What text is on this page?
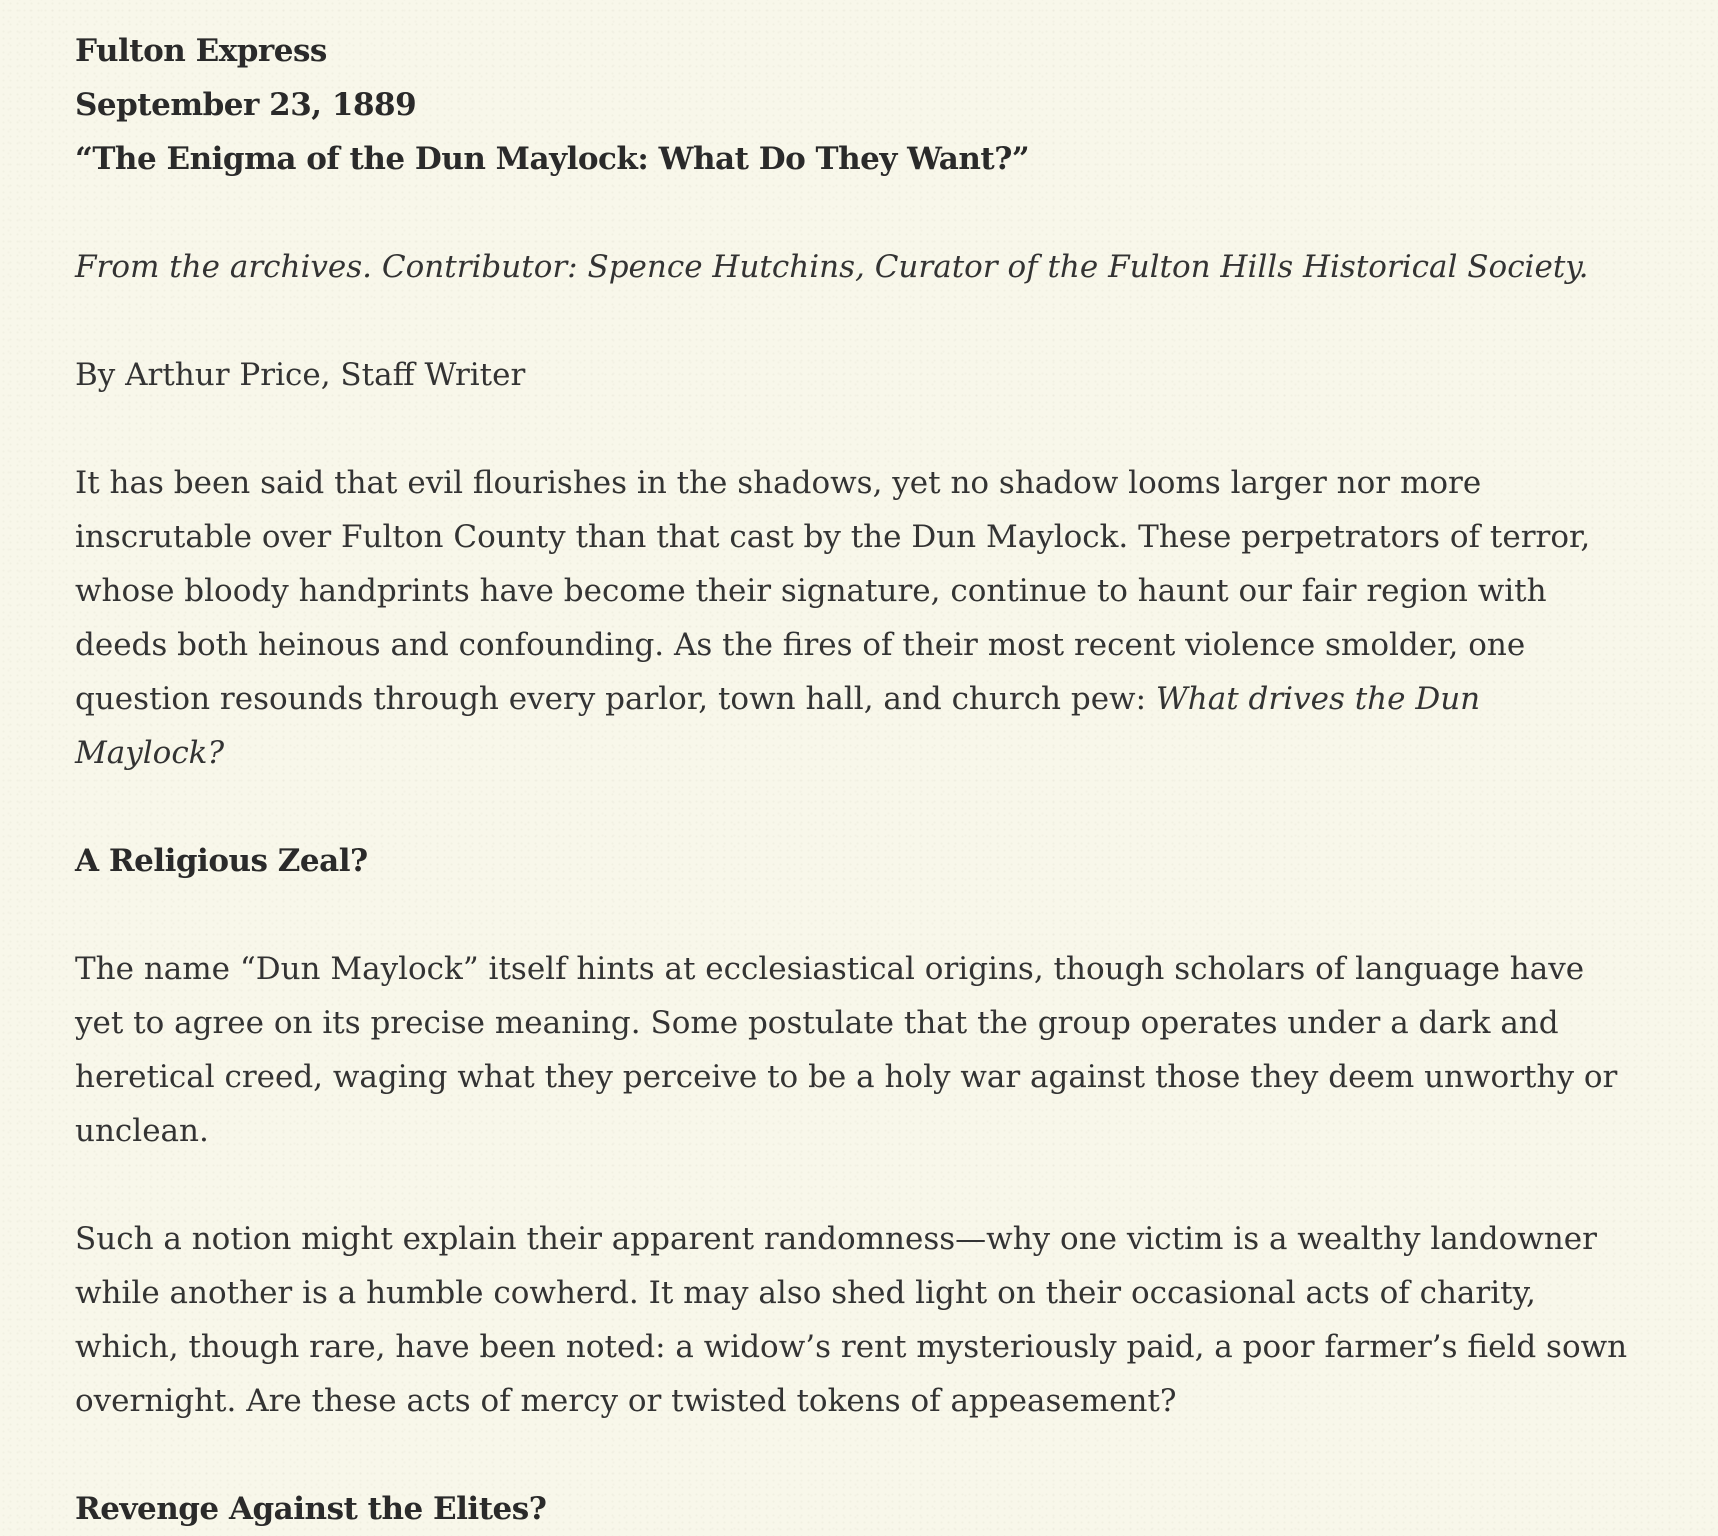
Fulton Express

September 23, 1889

“The Enigma of the Dun Maylock: What Do They Want?”

From the archives. Contributor: Spence Hutchins, Curator of the Fulton Hills Historical Society.

By Arthur Price, Staff Writer

It has been said that evil flourishes in the shadows, yet no shadow looms larger nor more inscrutable over Fulton County than that cast by the Dun Maylock. These perpetrators of terror, whose bloody handprints have become their signature, continue to haunt our fair region with deeds both heinous and confounding. As the fires of their most recent violence smolder, one question resounds through every parlor, town hall, and church pew: What drives the Dun Maylock?

A Religious Zeal?

The name “Dun Maylock” itself hints at ecclesiastical origins, though scholars of language have yet to agree on its precise meaning. Some postulate that the group operates under a dark and heretical creed, waging what they perceive to be a holy war against those they deem unworthy or unclean.

Such a notion might explain their apparent randomness—why one victim is a wealthy landowner while another is a humble cowherd. It may also shed light on their occasional acts of charity, which, though rare, have been noted: a widow’s rent mysteriously paid, a poor farmer’s field sown overnight. Are these acts of mercy or twisted tokens of appeasement?

Revenge Against the Elites?
